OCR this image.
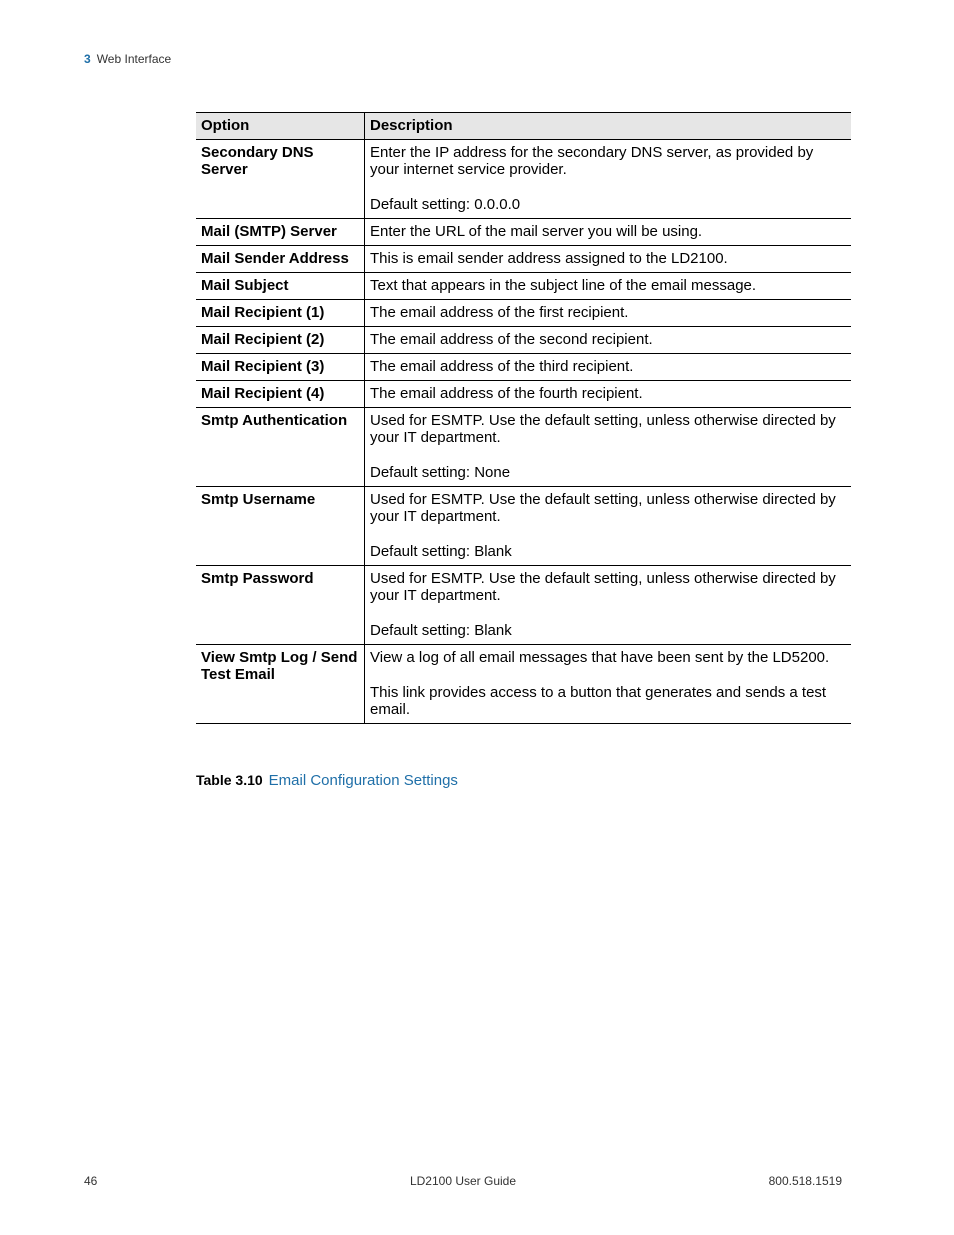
3 Web Interface
Option	Description
Secondary DNS Server	Enter the IP address for the secondary DNS server, as provided by your internet service provider.

Default setting: 0.0.0.0

Mail (SMTP) Server	Enter the URL of the mail server you will be using.

Mail Sender Address	This is email sender address assigned to the LD2100.

Mail Subject	Text that appears in the subject line of the email message.

Mail Recipient (1)	The email address of the first recipient.

Mail Recipient (2)	The email address of the second recipient.

Mail Recipient (3)	The email address of the third recipient.

Mail Recipient (4)	The email address of the fourth recipient.

Smtp Authentication	Used for ESMTP. Use the default setting, unless otherwise directed by your IT department.

Default setting: None

Smtp Username	Used for ESMTP. Use the default setting, unless otherwise directed by your IT department.

Default setting: Blank

Smtp Password	Used for ESMTP. Use the default setting, unless otherwise directed by your IT department.

Default setting: Blank

View Smtp Log / Send Test Email	View a log of all email messages that have been sent by the LD5200.

This link provides access to a button that generates and sends a test email.

Table 3.10 Email Configuration Settings
46	LD2100 User Guide	800.518.1519
